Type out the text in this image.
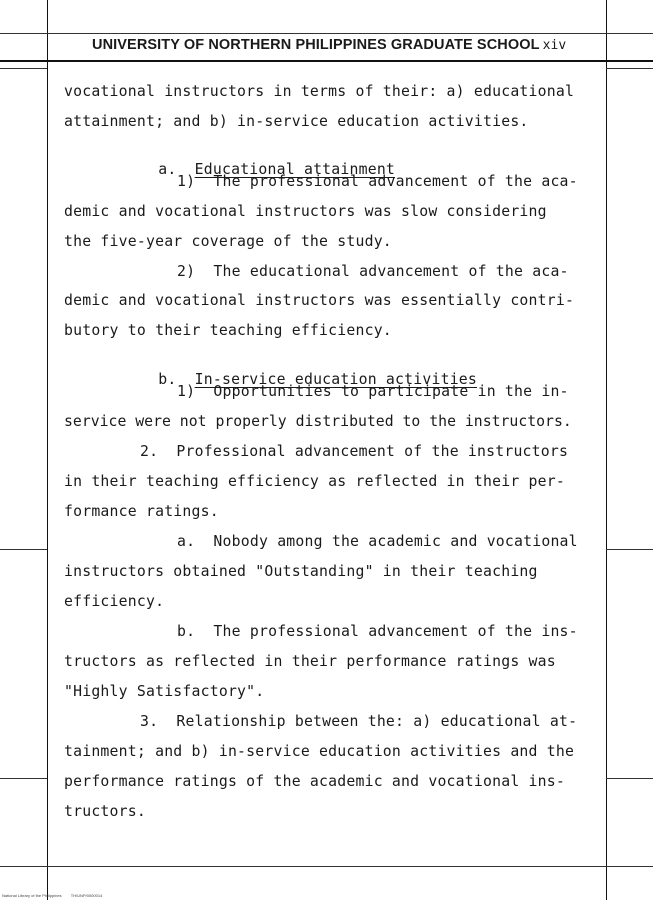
UNIVERSITY OF NORTHERN PHILIPPINES GRADUATE SCHOOL xiv
vocational instructors in terms of their: a) educational
attainment; and b) in-service education activities.

a. Educational attainment

1)  The professional advancement of the aca-
demic and vocational instructors was slow considering
the five-year coverage of the study.
2)  The educational advancement of the aca-
demic and vocational instructors was essentially contri-
butory to their teaching efficiency.

b. In-service education activities

1)  Opportunities to participate in the in-
service were not properly distributed to the instructors.
2.  Professional advancement of the instructors
in their teaching efficiency as reflected in their per-
formance ratings.
a.  Nobody among the academic and vocational
instructors obtained "Outstanding" in their teaching
efficiency.
b.  The professional advancement of the ins-
tructors as reflected in their performance ratings was
"Highly Satisfactory".
3.  Relationship between the: a) educational at-
tainment; and b) in-service education activities and the
performance ratings of the academic and vocational ins-
tructors.
National Library of the Philippines TH/UNP/0000014
